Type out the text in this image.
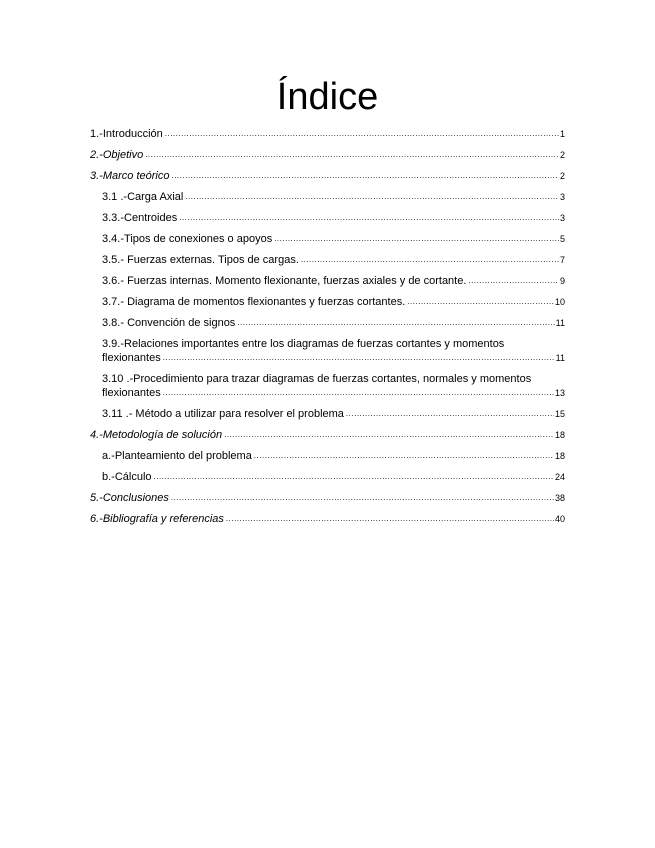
Índice
1.-Introducción .....	1
2.-Objetivo .....	2
3.-Marco teórico .....	2
3.1 .-Carga Axial .....	3
3.3.-Centroides .....	3
3.4.-Tipos de conexiones o apoyos .....	5
3.5.- Fuerzas externas. Tipos de cargas. .....	7
3.6.- Fuerzas internas. Momento flexionante, fuerzas axiales y de cortante. .....	9
3.7.- Diagrama de momentos flexionantes y fuerzas cortantes. .....	10
3.8.- Convención de signos .....	11
3.9.-Relaciones importantes entre los diagramas de fuerzas cortantes y momentos
flexionantes .....	11
3.10 .-Procedimiento para trazar diagramas de fuerzas cortantes, normales y momentos
flexionantes .....	13
3.11 .- Método a utilizar para resolver el problema .....	15
4.-Metodología de solución .....	18
a.-Planteamiento del problema .....	18
b.-Cálculo .....	24
5.-Conclusiones .....	38
6.-Bibliografía y referencias .....	40
